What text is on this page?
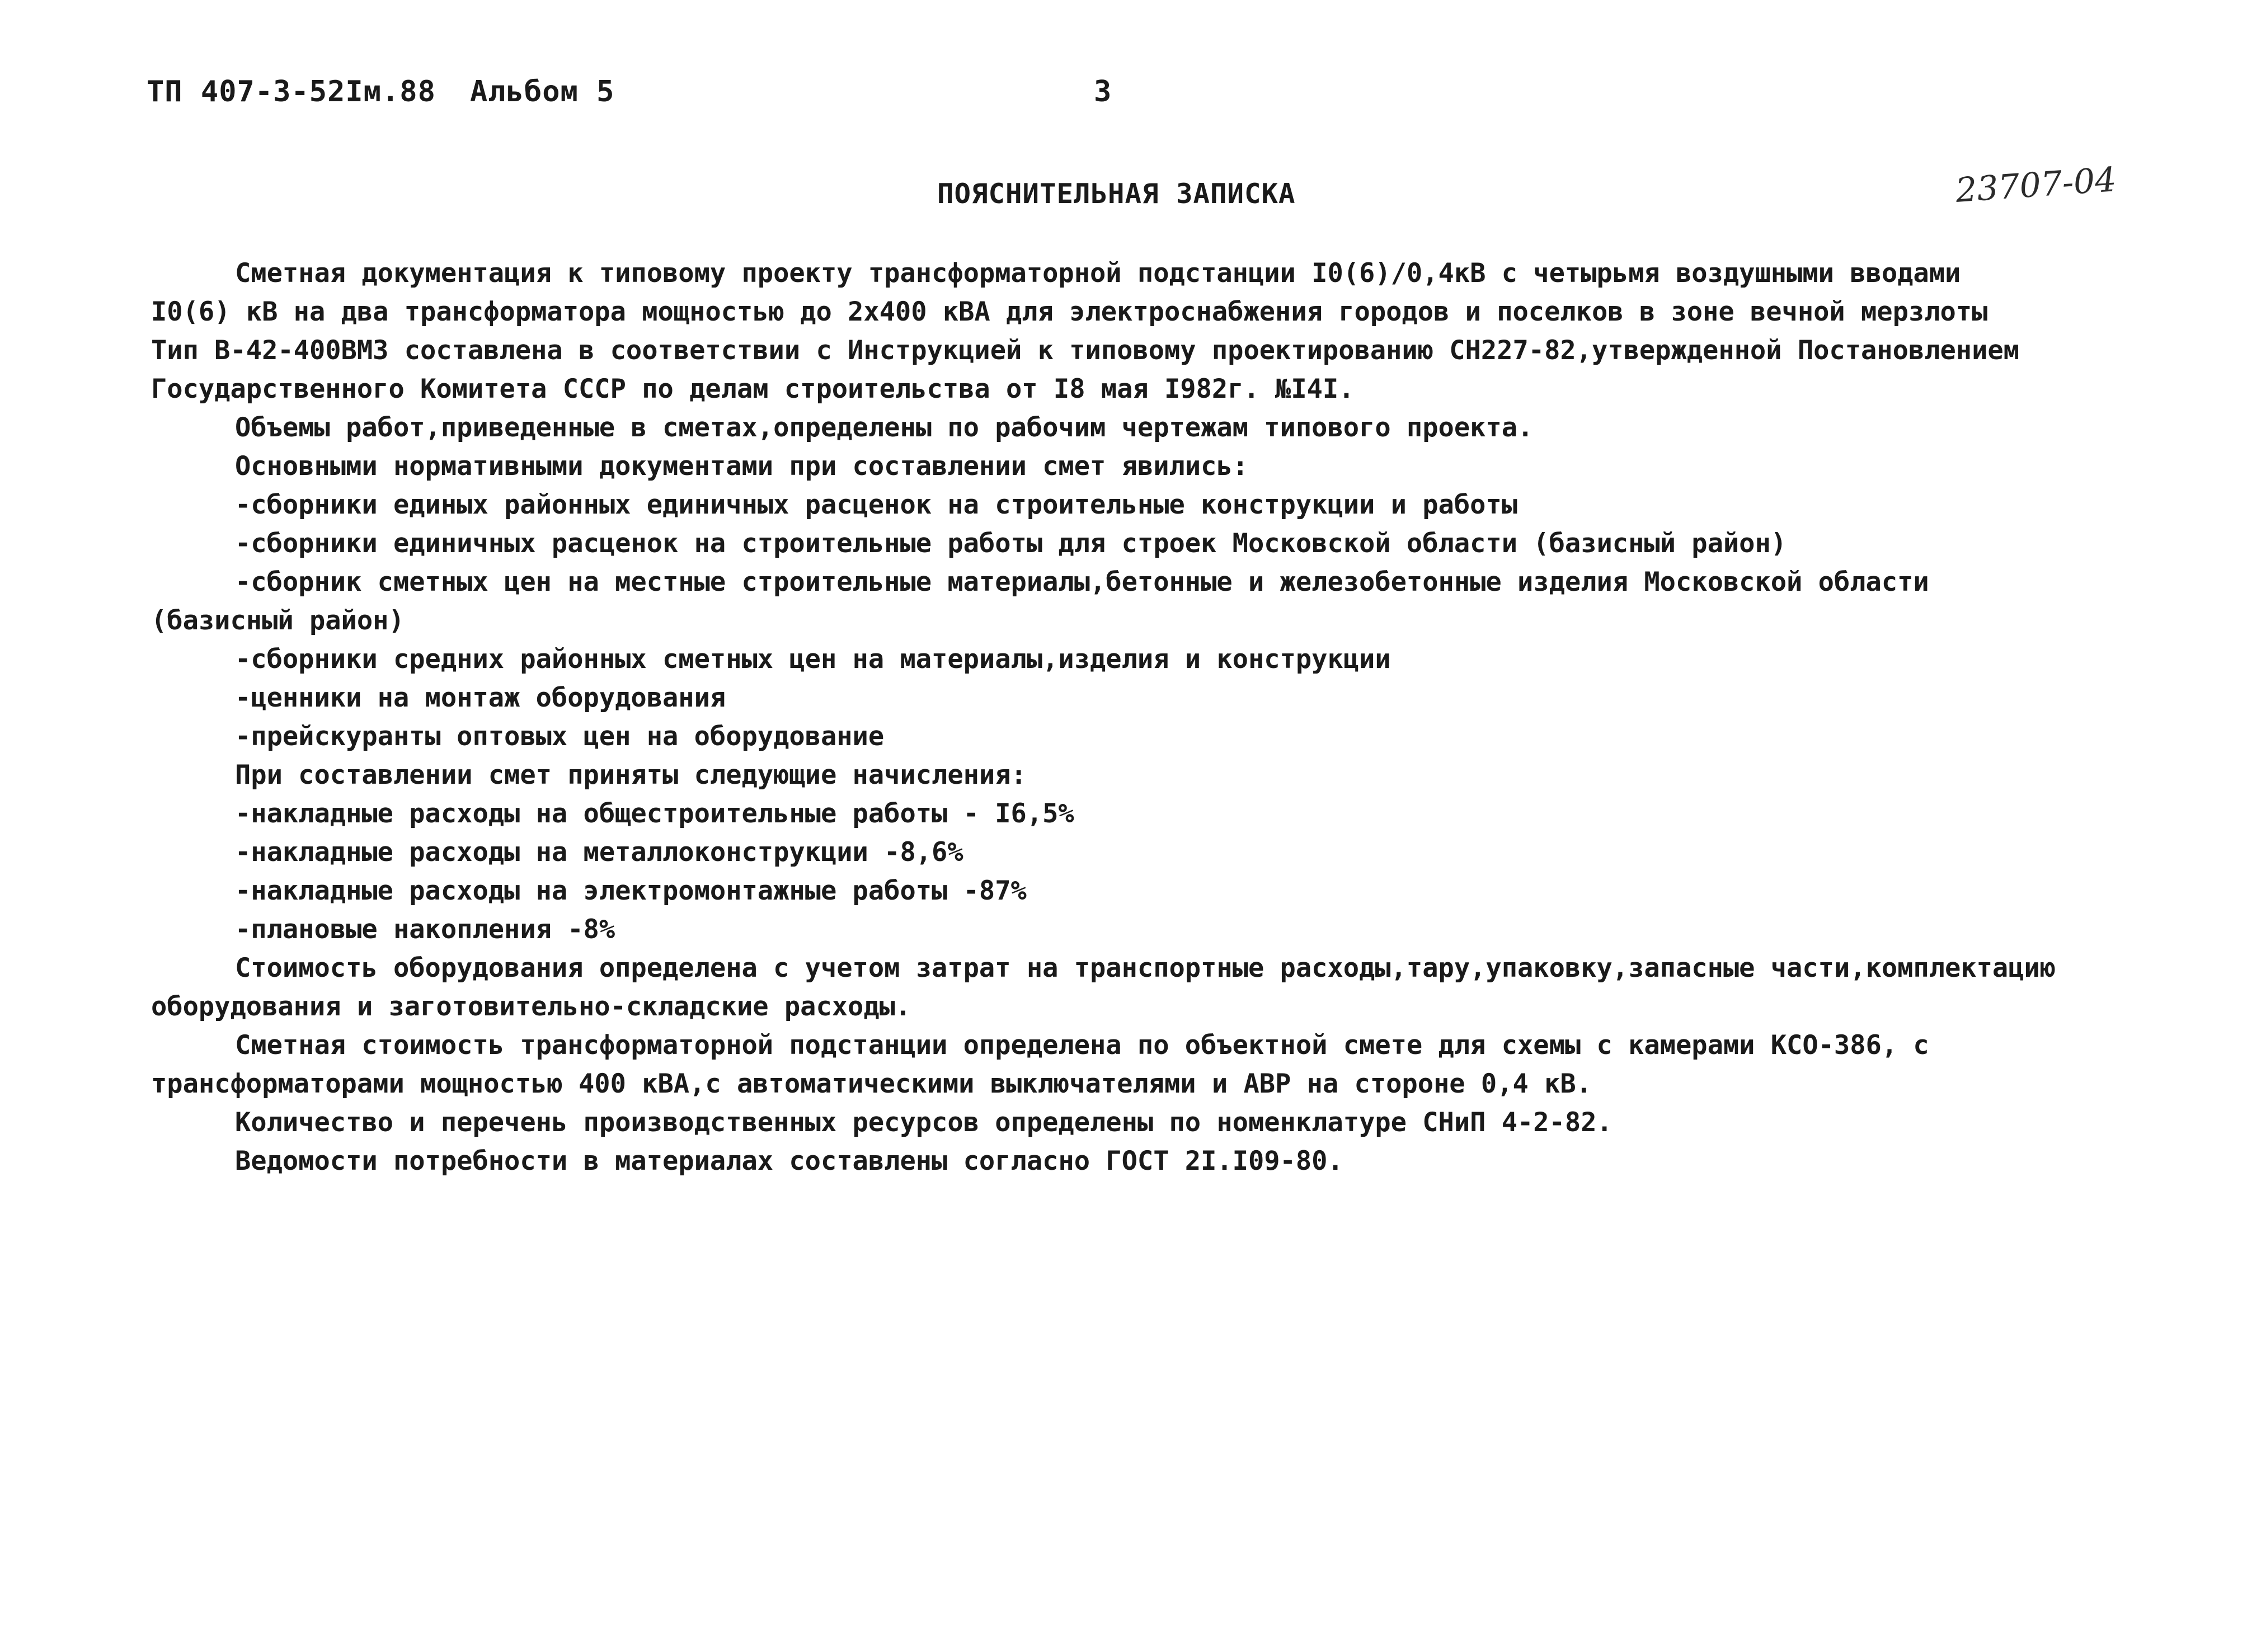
ТП 407-3-52Iм.88 Альбом 5	3
ПОЯСНИТЕЛЬНАЯ ЗАПИСКА	23707-04
Сметная документация к типовому проекту трансформаторной подстанции I0(6)/0,4кВ с четырьмя воздушными вводами
I0(6) кВ на два трансформатора мощностью до 2х400 кВА для электроснабжения городов и поселков в зоне вечной мерзлоты
Тип В-42-400ВМЗ составлена в соответствии с Инструкцией к типовому проектированию СН227-82,утвержденной Постановлением
Государственного Комитета СССР по делам строительства от I8 мая I982г. №I4I.
Объемы работ,приведенные в сметах,определены по рабочим чертежам типового проекта.
Основными нормативными документами при составлении смет явились:
-сборники единых районных единичных расценок на строительные конструкции и работы
-сборники единичных расценок на строительные работы для строек Московской области (базисный район)
-сборник сметных цен на местные строительные материалы,бетонные и железобетонные изделия Московской области
(базисный район)
-сборники средних районных сметных цен на материалы,изделия и конструкции
-ценники на монтаж оборудования
-прейскуранты оптовых цен на оборудование
При составлении смет приняты следующие начисления:
-накладные расходы на общестроительные работы - I6,5%
-накладные расходы на металлоконструкции -8,6%
-накладные расходы на электромонтажные работы -87%
-плановые накопления -8%
Стоимость оборудования определена с учетом затрат на транспортные расходы,тару,упаковку,запасные части,комплектацию
оборудования и заготовительно-складские расходы.
Сметная стоимость трансформаторной подстанции определена по объектной смете для схемы с камерами КСО-386, с
трансформаторами мощностью 400 кВА,с автоматическими выключателями и АВР на стороне 0,4 кВ.
Количество и перечень производственных ресурсов определены по номенклатуре СНиП 4-2-82.
Ведомости потребности в материалах составлены согласно ГОСТ 2I.I09-80.
